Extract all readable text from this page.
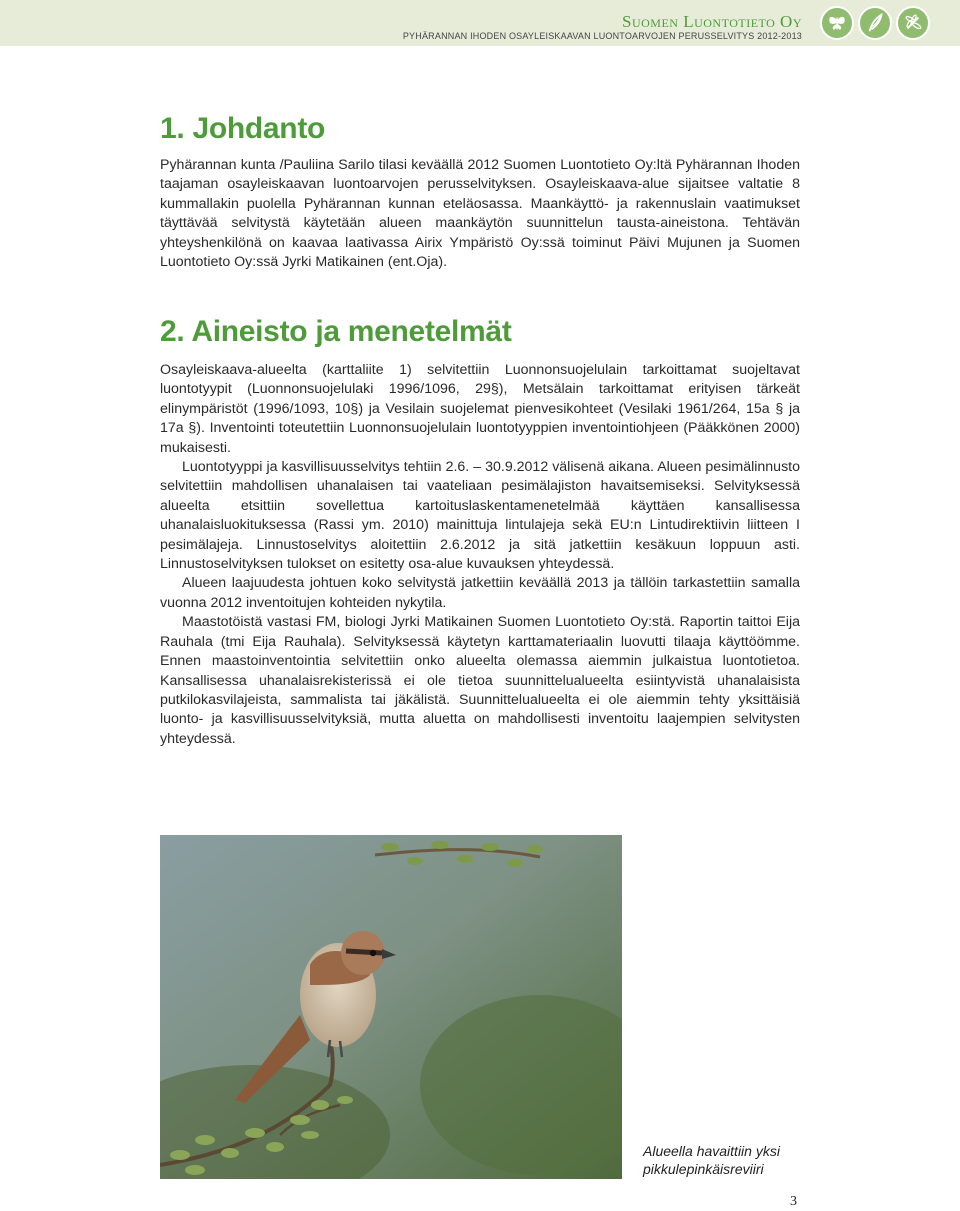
Suomen Luontotieto Oy
PYHÄRANNAN IHODEN OSAYLEISKAAVAN LUONTOARVOJEN PERUSSELVITYS 2012-2013
1. Johdanto

Pyhärannan kunta /Pauliina Sarilo tilasi keväällä 2012 Suomen Luontotieto Oy:ltä Pyhärannan Ihoden taajaman osayleiskaavan luontoarvojen perusselvityksen. Osayleiskaava-alue sijaitsee valtatie 8 kummallakin puolella Pyhärannan kunnan eteläosassa. Maankäyttö- ja rakennuslain vaatimukset täyttävää selvitystä käytetään alueen maankäytön suunnittelun tausta-aineistona. Tehtävän yhteyshenkilönä on kaavaa laativassa Airix Ympäristö Oy:ssä toiminut Päivi Mujunen ja Suomen Luontotieto Oy:ssä Jyrki Matikainen (ent.Oja).

2. Aineisto ja menetelmät

Osayleiskaava-alueelta (karttaliite 1) selvitettiin Luonnonsuojelulain tarkoittamat suojeltavat luontotyypit (Luonnonsuojelulaki 1996/1096, 29§), Metsälain tarkoittamat erityisen tärkeät elinympäristöt (1996/1093, 10§) ja Vesilain suojelemat pienvesikohteet (Vesilaki 1961/264, 15a § ja 17a §). Inventointi toteutettiin Luonnonsuojelulain luontotyyppien inventointiohjeen (Pääkkönen 2000) mukaisesti.

Luontotyyppi ja kasvillisuusselvitys tehtiin 2.6. – 30.9.2012 välisenä aikana. Alueen pesimälinnusto selvitettiin mahdollisen uhanalaisen tai vaateliaan pesimälajiston havaitsemiseksi. Selvityksessä alueelta etsittiin sovellettua kartoituslaskentamenetelmää käyttäen kansallisessa uhanalaisluokituksessa (Rassi ym. 2010) mainittuja lintulajeja sekä EU:n Lintudirektiivin liitteen I pesimälajeja. Linnustoselvitys aloitettiin 2.6.2012 ja sitä jatkettiin kesäkuun loppuun asti. Linnustoselvityksen tulokset on esitetty osa-alue kuvauksen yhteydessä.

Alueen laajuudesta johtuen koko selvitystä jatkettiin keväällä 2013 ja tällöin tarkastettiin samalla vuonna 2012 inventoitujen kohteiden nykytila.

Maastotöistä vastasi FM, biologi Jyrki Matikainen Suomen Luontotieto Oy:stä. Raportin taittoi Eija Rauhala (tmi Eija Rauhala). Selvityksessä käytetyn karttamateriaalin luovutti tilaaja käyttöömme. Ennen maastoinventointia selvitettiin onko alueelta olemassa aiemmin julkaistua luontotietoa. Kansallisessa uhanalaisrekisterissä ei ole tietoa suunnittelualueelta esiintyvistä uhanalaisista putkilokasvilajeista, sammalista tai jäkälistä. Suunnittelualueelta ei ole aiemmin tehty yksittäisiä luonto- ja kasvillisuusselvityksiä, mutta aluetta on mahdollisesti inventoitu laajempien selvitysten yhteydessä.

Alueella havaittiin yksi
pikkulepinkäisreviiri
3
